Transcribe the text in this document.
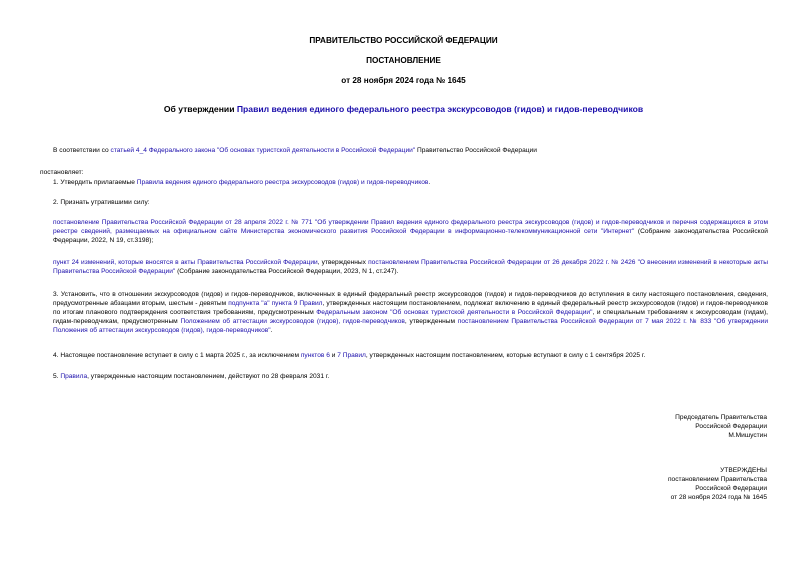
ПРАВИТЕЛЬСТВО РОССИЙСКОЙ ФЕДЕРАЦИИ
ПОСТАНОВЛЕНИЕ
от 28 ноября 2024 года № 1645
Об утверждении Правил ведения единого федерального реестра экскурсоводов (гидов) и гидов-переводчиков
В соответствии со статьей 4_4 Федерального закона "Об основах туристской деятельности в Российской Федерации" Правительство Российской Федерации
постановляет:
1. Утвердить прилагаемые Правила ведения единого федерального реестра экскурсоводов (гидов) и гидов-переводчиков.
2. Признать утратившими силу:
постановление Правительства Российской Федерации от 28 апреля 2022 г. № 771 "Об утверждении Правил ведения единого федерального реестра экскурсоводов (гидов) и гидов-переводчиков и перечня содержащихся в этом реестре сведений, размещаемых на официальном сайте Министерства экономического развития Российской Федерации в информационно-телекоммуникационной сети "Интернет" (Собрание законодательства Российской Федерации, 2022, N 19, ст.3198);
пункт 24 изменений, которые вносятся в акты Правительства Российской Федерации, утвержденных постановлением Правительства Российской Федерации от 26 декабря 2022 г. № 2426 "О внесении изменений в некоторые акты Правительства Российской Федерации" (Собрание законодательства Российской Федерации, 2023, N 1, ст.247).
3. Установить, что в отношении экскурсоводов (гидов) и гидов-переводчиков, включенных в единый федеральный реестр экскурсоводов (гидов) и гидов-переводчиков до вступления в силу настоящего постановления, сведения, предусмотренные абзацами вторым, шестым - девятым подпункта "а" пункта 9 Правил, утвержденных настоящим постановлением, подлежат включению в единый федеральный реестр экскурсоводов (гидов) и гидов-переводчиков по итогам планового подтверждения соответствия требованиям, предусмотренным Федеральным законом "Об основах туристской деятельности в Российской Федерации", и специальным требованиям к экскурсоводам (гидам), гидам-переводчикам, предусмотренным Положением об аттестации экскурсоводов (гидов), гидов-переводчиков, утвержденным постановлением Правительства Российской Федерации от 7 мая 2022 г. № 833 "Об утверждении Положения об аттестации экскурсоводов (гидов), гидов-переводчиков".
4. Настоящее постановление вступает в силу с 1 марта 2025 г., за исключением пунктов 6 и 7 Правил, утвержденных настоящим постановлением, которые вступают в силу с 1 сентября 2025 г.
5. Правила, утвержденные настоящим постановлением, действуют по 28 февраля 2031 г.
Председатель Правительства
Российской Федерации
М.Мишустин
УТВЕРЖДЕНЫ
постановлением Правительства
Российской Федерации
от 28 ноября 2024 года № 1645
